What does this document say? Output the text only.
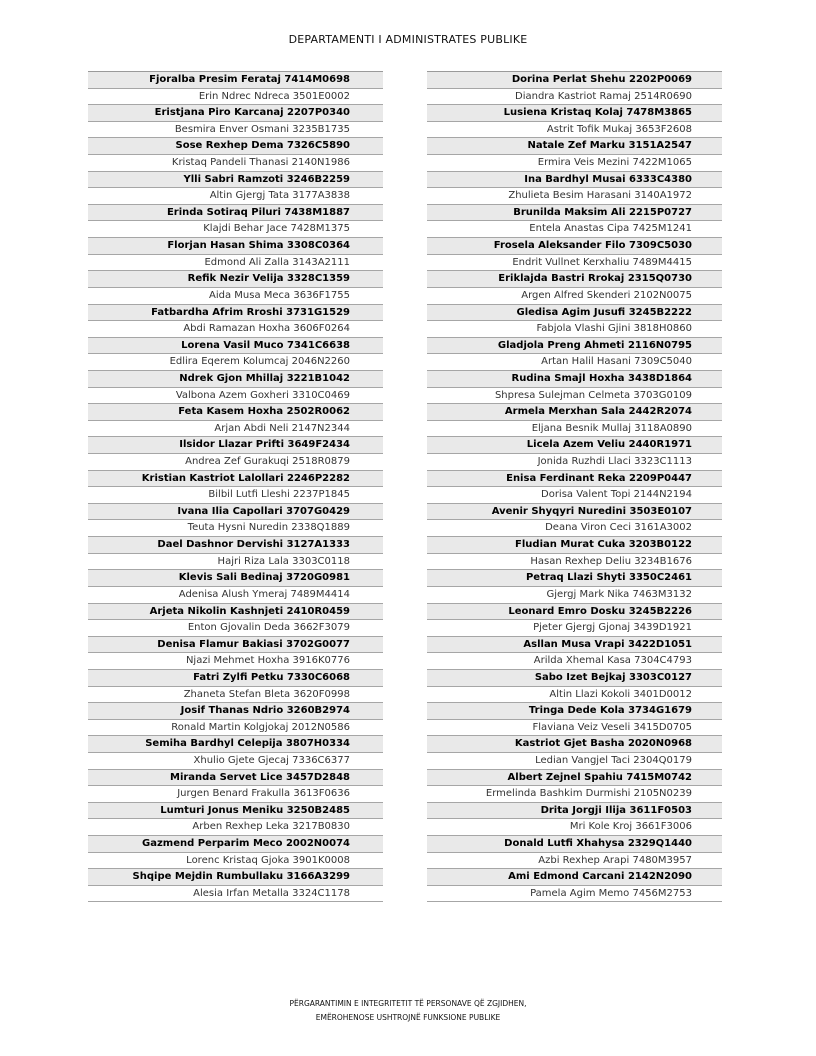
DEPARTAMENTI I ADMINISTRATES PUBLIKE
Fjoralba Presim Ferataj 7414M0698
Erin Ndrec Ndreca 3501E0002
Eristjana Piro Karcanaj 2207P0340
Besmira Enver Osmani 3235B1735
Sose Rexhep Dema 7326C5890
Kristaq Pandeli Thanasi 2140N1986
Ylli Sabri Ramzoti 3246B2259
Altin Gjergj Tata 3177A3838
Erinda Sotiraq Piluri 7438M1887
Klajdi Behar Jace 7428M1375
Florjan Hasan Shima 3308C0364
Edmond Ali Zalla 3143A2111
Refik Nezir Velija 3328C1359
Aida Musa Meca 3636F1755
Fatbardha Afrim Rroshi 3731G1529
Abdi Ramazan Hoxha 3606F0264
Lorena Vasil Muco 7341C6638
Edlira Eqerem Kolumcaj 2046N2260
Ndrek Gjon Mhillaj 3221B1042
Valbona Azem Goxheri 3310C0469
Feta Kasem Hoxha 2502R0062
Arjan Abdi Neli 2147N2344
Ilsidor Llazar Prifti 3649F2434
Andrea Zef Gurakuqi 2518R0879
Kristian Kastriot Lalollari 2246P2282
Bilbil Lutfi Lleshi 2237P1845
Ivana Ilia Capollari 3707G0429
Teuta Hysni Nuredin 2338Q1889
Dael Dashnor Dervishi 3127A1333
Hajri Riza Lala 3303C0118
Klevis Sali Bedinaj 3720G0981
Adenisa Alush Ymeraj 7489M4414
Arjeta Nikolin Kashnjeti 2410R0459
Enton Gjovalin Deda 3662F3079
Denisa Flamur Bakiasi 3702G0077
Njazi Mehmet Hoxha 3916K0776
Fatri Zylfi Petku 7330C6068
Zhaneta Stefan Bleta 3620F0998
Josif Thanas Ndrio 3260B2974
Ronald Martin Kolgjokaj 2012N0586
Semiha Bardhyl Celepija 3807H0334
Xhulio Gjete Gjecaj 7336C6377
Miranda Servet Lice 3457D2848
Jurgen Benard Frakulla 3613F0636
Lumturi Jonus Meniku 3250B2485
Arben Rexhep Leka 3217B0830
Gazmend Perparim Meco 2002N0074
Lorenc Kristaq Gjoka 3901K0008
Shqipe Mejdin Rumbullaku 3166A3299
Alesia Irfan Metalla 3324C1178
Dorina Perlat Shehu 2202P0069
Diandra Kastriot Ramaj 2514R0690
Lusiena Kristaq Kolaj 7478M3865
Astrit Tofik Mukaj 3653F2608
Natale Zef Marku 3151A2547
Ermira Veis Mezini 7422M1065
Ina Bardhyl Musai 6333C4380
Zhulieta Besim Harasani 3140A1972
Brunilda Maksim Ali 2215P0727
Entela Anastas Cipa 7425M1241
Frosela Aleksander Filo 7309C5030
Endrit Vullnet Kerxhaliu 7489M4415
Eriklajda Bastri Rrokaj 2315Q0730
Argen Alfred Skenderi 2102N0075
Gledisa Agim Jusufi 3245B2222
Fabjola Vlashi Gjini 3818H0860
Gladjola Preng Ahmeti 2116N0795
Artan Halil Hasani 7309C5040
Rudina Smajl Hoxha 3438D1864
Shpresa Sulejman Celmeta 3703G0109
Armela Merxhan Sala 2442R2074
Eljana Besnik Mullaj 3118A0890
Licela Azem Veliu 2440R1971
Jonida Ruzhdi Llaci 3323C1113
Enisa Ferdinant Reka 2209P0447
Dorisa Valent Topi 2144N2194
Avenir Shyqyri Nuredini 3503E0107
Deana Viron Ceci 3161A3002
Fludian Murat Cuka 3203B0122
Hasan Rexhep Deliu 3234B1676
Petraq Llazi Shyti 3350C2461
Gjergj Mark Nika 7463M3132
Leonard Emro Dosku 3245B2226
Pjeter Gjergj Gjonaj 3439D1921
Asllan Musa Vrapi 3422D1051
Arilda Xhemal Kasa 7304C4793
Sabo Izet Bejkaj 3303C0127
Altin Llazi Kokoli 3401D0012
Tringa Dede Kola 3734G1679
Flaviana Veiz Veseli 3415D0705
Kastriot Gjet Basha 2020N0968
Ledian Vangjel Taci 2304Q0179
Albert Zejnel Spahiu 7415M0742
Ermelinda Bashkim Durmishi 2105N0239
Drita Jorgji Ilija 3611F0503
Mri Kole Kroj 3661F3006
Donald Lutfi Xhahysa 2329Q1440
Azbi Rexhep Arapi 7480M3957
Ami Edmond Carcani 2142N2090
Pamela Agim Memo 7456M2753
PËRGARANTIMIN E INTEGRITETIT TË PERSONAVE QË ZGJIDHEN,
EMËROHENOSE USHTROJNË FUNKSIONE PUBLIKE
